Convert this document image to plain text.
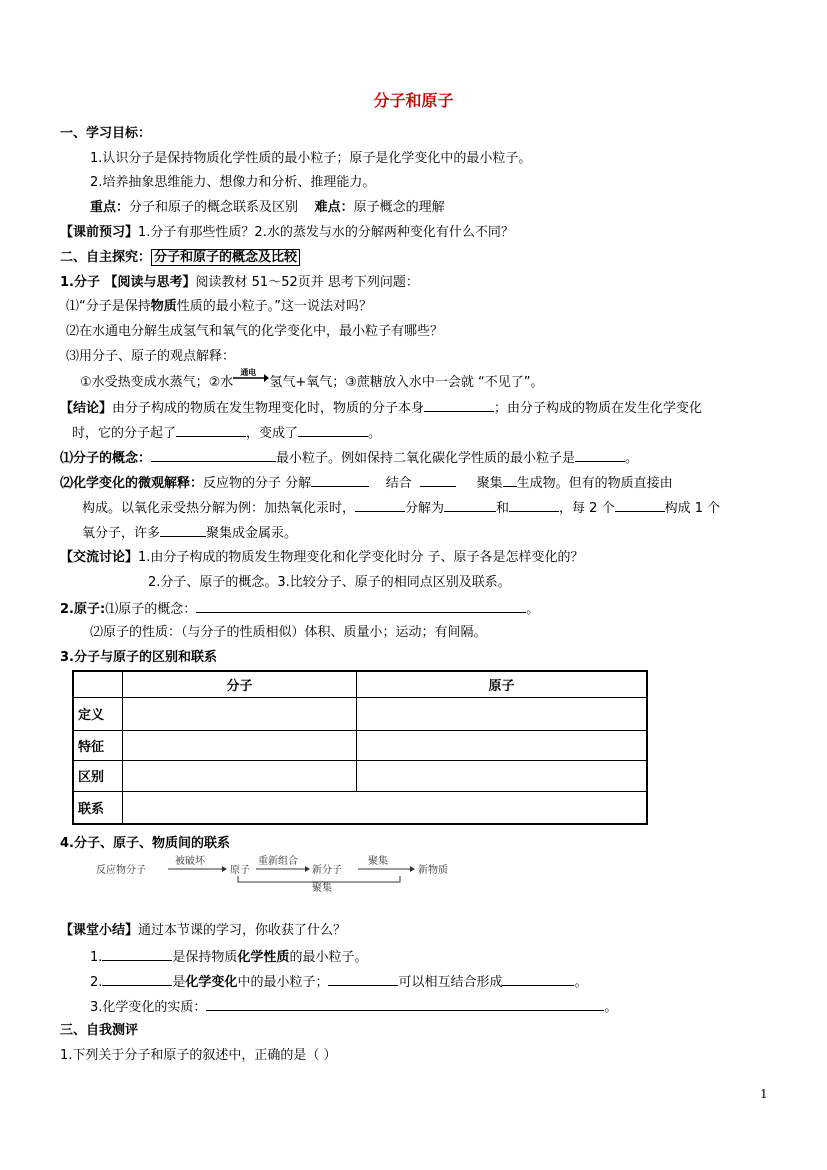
分子和原子
一、学习目标：
1.认识分子是保持物质化学性质的最小粒子；原子是化学变化中的最小粒子。
2.培养抽象思维能力、想像力和分析、推理能力。
重点：分子和原子的概念联系及区别 难点：原子概念的理解
【课前预习】1.分子有那些性质？2.水的蒸发与水的分解两种变化有什么不同？
二、自主探究： 分子和原子的概念及比较
1.分子 【阅读与思考】阅读教材 51～52页并 思考下列问题：
⑴“分子是保持物质性质的最小粒子。”这一说法对吗？
⑵在水通电分解生成氢气和氧气的化学变化中，最小粒子有哪些？
⑶用分子、原子的观点解释：
①水受热变成水蒸气；②水
通电
氢气+氧气；③蔗糖放入水中一会就 “不见了”。
【结论】由分子构成的物质在发生物理变化时，物质的分子本身	；由分子构成的物质在发生化学变化
时，它的分子起了	，变成了	。
⑴分子的概念：	最小粒子。例如保持二氧化碳化学性质的最小粒子是	。
⑵化学变化的微观解释：反应物的分子 分解	结合	聚集 生成物。但有的物质直接由
构成。以氧化汞受热分解为例：加热氧化汞时，	分解为	和	，每 2 个	构成 1 个
氧分子，许多	聚集成金属汞。
【交流讨论】1.由分子构成的物质发生物理变化和化学变化时分 子、原子各是怎样变化的？
2.分子、原子的概念。3.比较分子、原子的相同点区别及联系。
2.原子:⑴原子的概念：	。
⑵原子的性质：（与分子的性质相似）体积、质量小；运动；有间隔。
3.分子与原子的区别和联系
	分子	原子
定义		
特征		
区别		
联系		
4.分子、原子、物质间的联系
反应物分子
被破坏
原子
重新组合
新分子
聚集
新物质
聚集
【课堂小结】通过本节课的学习，你收获了什么？
1.	是保持物质化学性质的最小粒子。
2.	是化学变化中的最小粒子；	可以相互结合形成	。
3.化学变化的实质：	。
三、自我测评
1.下列关于分子和原子的叙述中，正确的是（ ）
1
